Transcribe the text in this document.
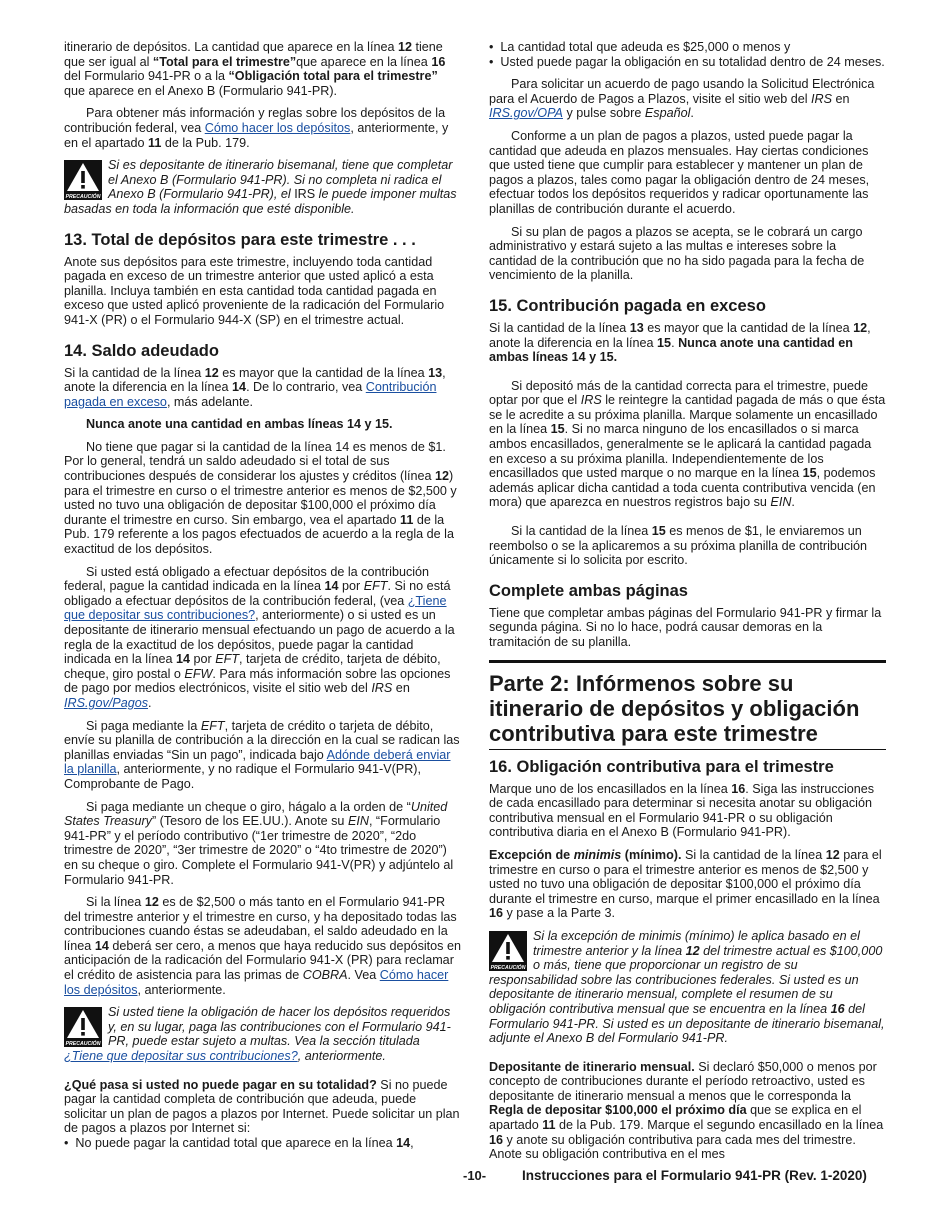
itinerario de depósitos. La cantidad que aparece en la línea 12 tiene que ser igual al “Total para el trimestre”que aparece en la línea 16 del Formulario 941-PR o a la “Obligación total para el trimestre” que aparece en el Anexo B (Formulario 941-PR).

Para obtener más información y reglas sobre los depósitos de la contribución federal, vea Cómo hacer los depósitos, anteriormente, y en el apartado 11 de la Pub. 179.

Si es depositante de itinerario bisemanal, tiene que completar el Anexo B (Formulario 941-PR). Si no completa ni radica el Anexo B (Formulario 941-PR), el IRS le puede imponer multas basadas en toda la información que esté disponible.
13. Total de depósitos para este trimestre . . .

Anote sus depósitos para este trimestre, incluyendo toda cantidad pagada en exceso de un trimestre anterior que usted aplicó a esta planilla. Incluya también en esta cantidad toda cantidad pagada en exceso que usted aplicó proveniente de la radicación del Formulario 941-X (PR) o el Formulario 944-X (SP) en el trimestre actual.

14. Saldo adeudado

Si la cantidad de la línea 12 es mayor que la cantidad de la línea 13, anote la diferencia en la línea 14. De lo contrario, vea Contribución pagada en exceso, más adelante.

Nunca anote una cantidad en ambas líneas 14 y 15.

No tiene que pagar si la cantidad de la línea 14 es menos de $1. Por lo general, tendrá un saldo adeudado si el total de sus contribuciones después de considerar los ajustes y créditos (línea 12) para el trimestre en curso o el trimestre anterior es menos de $2,500 y usted no tuvo una obligación de depositar $100,000 el próximo día durante el trimestre en curso. Sin embargo, vea el apartado 11 de la Pub. 179 referente a los pagos efectuados de acuerdo a la regla de la exactitud de los depósitos.

Si usted está obligado a efectuar depósitos de la contribución federal, pague la cantidad indicada en la línea 14 por EFT. Si no está obligado a efectuar depósitos de la contribución federal, (vea ¿Tiene que depositar sus contribuciones?, anteriormente) o si usted es un depositante de itinerario mensual efectuando un pago de acuerdo a la regla de la exactitud de los depósitos, puede pagar la cantidad indicada en la línea 14 por EFT, tarjeta de crédito, tarjeta de débito, cheque, giro postal o EFW. Para más información sobre las opciones de pago por medios electrónicos, visite el sitio web del IRS en IRS.gov/Pagos.

Si paga mediante la EFT, tarjeta de crédito o tarjeta de débito, envíe su planilla de contribución a la dirección en la cual se radican las planillas enviadas “Sin un pago”, indicada bajo Adónde deberá enviar la planilla, anteriormente, y no radique el Formulario 941-V(PR), Comprobante de Pago.

Si paga mediante un cheque o giro, hágalo a la orden de “United States Treasury” (Tesoro de los EE.UU.). Anote su EIN, “Formulario 941-PR” y el período contributivo (“1er trimestre de 2020”, “2do trimestre de 2020”, “3er trimestre de 2020” o “4to trimestre de 2020”) en su cheque o giro. Complete el Formulario 941-V(PR) y adjúntelo al Formulario 941-PR.

Si la línea 12 es de $2,500 o más tanto en el Formulario 941-PR del trimestre anterior y el trimestre en curso, y ha depositado todas las contribuciones cuando éstas se adeudaban, el saldo adeudado en la línea 14 deberá ser cero, a menos que haya reducido sus depósitos en anticipación de la radicación del Formulario 941-X (PR) para reclamar el crédito de asistencia para las primas de COBRA. Vea Cómo hacer los depósitos, anteriormente.

Si usted tiene la obligación de hacer los depósitos requeridos y, en su lugar, paga las contribuciones con el Formulario 941-PR, puede estar sujeto a multas. Vea la sección titulada ¿Tiene que depositar sus contribuciones?, anteriormente.

¿Qué pasa si usted no puede pagar en su totalidad? Si no puede pagar la cantidad completa de contribución que adeuda, puede solicitar un plan de pagos a plazos por Internet. Puede solicitar un plan de pagos a plazos por Internet si:

•  No puede pagar la cantidad total que aparece en la línea 14,

•  La cantidad total que adeuda es $25,000 o menos y

•  Usted puede pagar la obligación en su totalidad dentro de 24 meses.

Para solicitar un acuerdo de pago usando la Solicitud Electrónica para el Acuerdo de Pagos a Plazos, visite el sitio web del IRS en IRS.gov/OPA y pulse sobre Español.

Conforme a un plan de pagos a plazos, usted puede pagar la cantidad que adeuda en plazos mensuales. Hay ciertas condiciones que usted tiene que cumplir para establecer y mantener un plan de pagos a plazos, tales como pagar la obligación dentro de 24 meses, efectuar todos los depósitos requeridos y radicar oportunamente las planillas de contribución durante el acuerdo.

Si su plan de pagos a plazos se acepta, se le cobrará un cargo administrativo y estará sujeto a las multas e intereses sobre la cantidad de la contribución que no ha sido pagada para la fecha de vencimiento de la planilla.

15. Contribución pagada en exceso

Si la cantidad de la línea 13 es mayor que la cantidad de la línea 12, anote la diferencia en la línea 15. Nunca anote una cantidad en ambas líneas 14 y 15.

Si depositó más de la cantidad correcta para el trimestre, puede optar por que el IRS le reintegre la cantidad pagada de más o que ésta se le acredite a su próxima planilla. Marque solamente un encasillado en la línea 15. Si no marca ninguno de los encasillados o si marca ambos encasillados, generalmente se le aplicará la cantidad pagada en exceso a su próxima planilla. Independientemente de los encasillados que usted marque o no marque en la línea 15, podemos además aplicar dicha cantidad a toda cuenta contributiva vencida (en mora) que aparezca en nuestros registros bajo su EIN.

Si la cantidad de la línea 15 es menos de $1, le enviaremos un reembolso o se la aplicaremos a su próxima planilla de contribución únicamente si lo solicita por escrito.

Complete ambas páginas

Tiene que completar ambas páginas del Formulario 941-PR y firmar la segunda página. Si no lo hace, podrá causar demoras en la tramitación de su planilla.

Parte 2: Infórmenos sobre su itinerario de depósitos y obligación contributiva para este trimestre
16. Obligación contributiva para el trimestre

Marque uno de los encasillados en la línea 16. Siga las instrucciones de cada encasillado para determinar si necesita anotar su obligación contributiva mensual en el Formulario 941-PR o su obligación contributiva diaria en el Anexo B (Formulario 941-PR).

Excepción de minimis (mínimo). Si la cantidad de la línea 12 para el trimestre en curso o para el trimestre anterior es menos de $2,500 y usted no tuvo una obligación de depositar $100,000 el próximo día durante el trimestre en curso, marque el primer encasillado en la línea 16 y pase a la Parte 3.

Si la excepción de minimis (mínimo) le aplica basado en el trimestre anterior y la línea 12 del trimestre actual es $100,000 o más, tiene que proporcionar un registro de su responsabilidad sobre las contribuciones federales. Si usted es un depositante de itinerario mensual, complete el resumen de su obligación contributiva mensual que se encuentra en la línea 16 del Formulario 941-PR. Si usted es un depositante de itinerario bisemanal, adjunte el Anexo B del Formulario 941-PR.

Depositante de itinerario mensual. Si declaró $50,000 o menos por concepto de contribuciones durante el período retroactivo, usted es depositante de itinerario mensual a menos que le corresponda la Regla de depositar $100,000 el próximo día que se explica en el apartado 11 de la Pub. 179. Marque el segundo encasillado en la línea 16 y anote su obligación contributiva para cada mes del trimestre. Anote su obligación contributiva en el mes

-10-	Instrucciones para el Formulario 941-PR (Rev. 1-2020)
